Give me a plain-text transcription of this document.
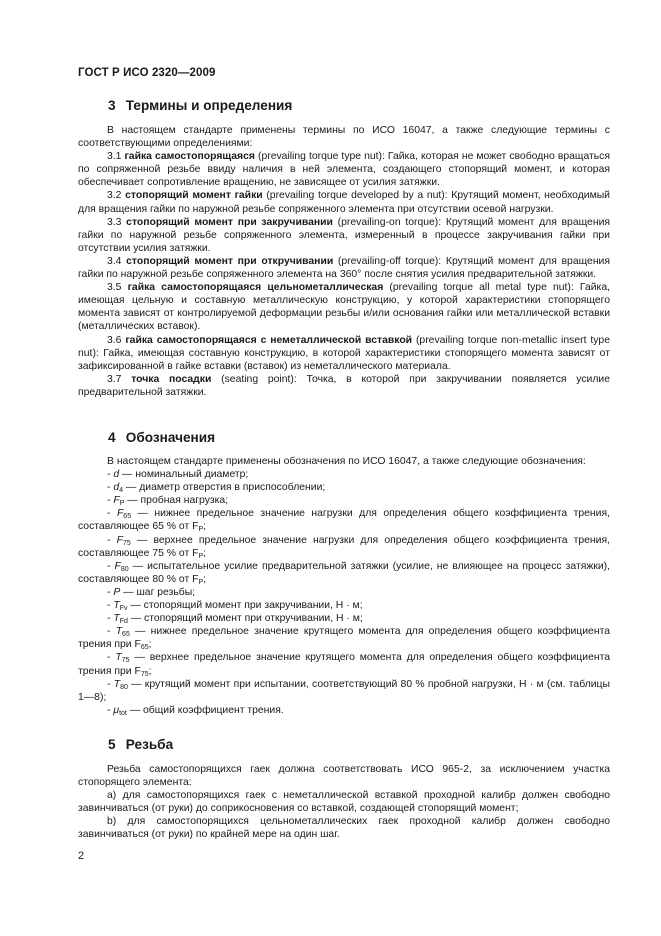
ГОСТ Р ИСО 2320—2009
3 Термины и определения

В настоящем стандарте применены термины по ИСО 16047, а также следующие термины с соответствующими определениями:

3.1 гайка самостопорящаяся (prevailing torque type nut): Гайка, которая не может свободно вращаться по сопряженной резьбе ввиду наличия в ней элемента, создающего стопорящий момент, и которая обеспечивает сопротивление вращению, не зависящее от усилия затяжки.

3.2 стопорящий момент гайки (prevailing torque developed by a nut): Крутящий момент, необходимый для вращения гайки по наружной резьбе сопряженного элемента при отсутствии осевой нагрузки.

3.3 стопорящий момент при закручивании (prevailing-on torque): Крутящий момент для вращения гайки по наружной резьбе сопряженного элемента, измеренный в процессе закручивания гайки при отсутствии усилия затяжки.

3.4 стопорящий момент при откручивании (prevailing-off torque): Крутящий момент для вращения гайки по наружной резьбе сопряженного элемента на 360° после снятия усилия предварительной затяжки.

3.5 гайка самостопорящаяся цельнометаллическая (prevailing torque all metal type nut): Гайка, имеющая цельную и составную металлическую конструкцию, у которой характеристики стопорящего момента зависят от контролируемой деформации резьбы и/или основания гайки или металлической вставки (металлических вставок).

3.6 гайка самостопорящаяся с неметаллической вставкой (prevailing torque non-metallic insert type nut): Гайка, имеющая составную конструкцию, в которой характеристики стопорящего момента зависят от зафиксированной в гайке вставки (вставок) из неметаллического материала.

3.7 точка посадки (seating point): Точка, в которой при закручивании появляется усилие предварительной затяжки.

4 Обозначения

В настоящем стандарте применены обозначения по ИСО 16047, а также следующие обозначения:

- d — номинальный диаметр;

- $d_4$ — диаметр отверстия в приспособлении;

- $F_P$ — пробная нагрузка;

- $F_{65}$ — нижнее предельное значение нагрузки для определения общего коэффициента трения, составляющее 65 % от $F_P$;

- $F_{75}$ — верхнее предельное значение нагрузки для определения общего коэффициента трения, составляющее 75 % от $F_P$;

- $F_{80}$ — испытательное усилие предварительной затяжки (усилие, не влияющее на процесс затяжки), составляющее 80 % от $F_P$;

- P — шаг резьбы;

- $T_{Fv}$ — стопорящий момент при закручивании, Н · м;

- $T_{Fd}$ — стопорящий момент при откручивании, Н · м;

- $T_{65}$ — нижнее предельное значение крутящего момента для определения общего коэффициента трения при $F_{65}$;

- $T_{75}$ — верхнее предельное значение крутящего момента для определения общего коэффициента трения при $F_{75}$;

- $T_{80}$ — крутящий момент при испытании, соответствующий 80 % пробной нагрузки, Н · м (см. таблицы 1—8);

- $\mu_{tot}$ — общий коэффициент трения.

5 Резьба

Резьба самостопорящихся гаек должна соответствовать ИСО 965-2, за исключением участка стопорящего элемента:

а) для самостопорящихся гаек с неметаллической вставкой проходной калибр должен свободно завинчиваться (от руки) до соприкосновения со вставкой, создающей стопорящий момент;

b) для самостопорящихся цельнометаллических гаек проходной калибр должен свободно завинчиваться (от руки) по крайней мере на один шаг.

2
